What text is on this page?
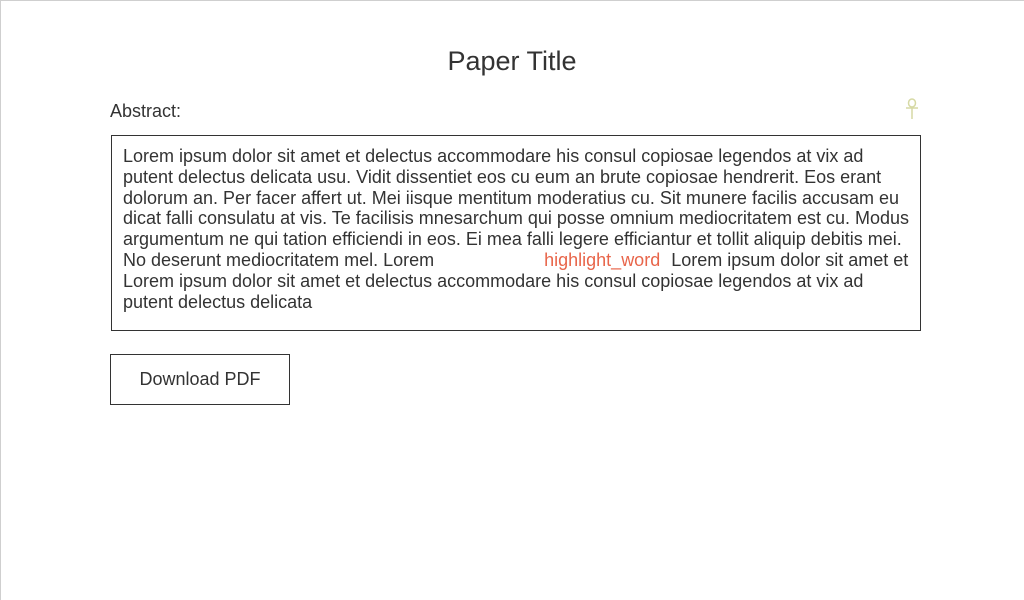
Paper Title
Abstract:
Lorem ipsum dolor sit amet et delectus accommodare his consul copiosae legendos at vix ad putent delectus delicata usu. Vidit dissentiet eos cu eum an brute copiosae hendrerit. Eos erant dolorum an. Per facer affert ut. Mei iisque mentitum moderatius cu. Sit munere facilis accusam eu dicat falli consulatu at vis. Te facilisis mnesarchum qui posse omnium mediocritatem est cu. Modus argumentum ne qui tation efficiendi in eos. Ei mea falli legere efficiantur et tollit aliquip debitis mei. No deserunt mediocritatem mel. Lorem	highlight_word Lorem ipsum dolor sit amet et Lorem ipsum dolor sit amet et delectus accommodare his consul copiosae legendos at vix ad putent delectus delicata
Download PDF
